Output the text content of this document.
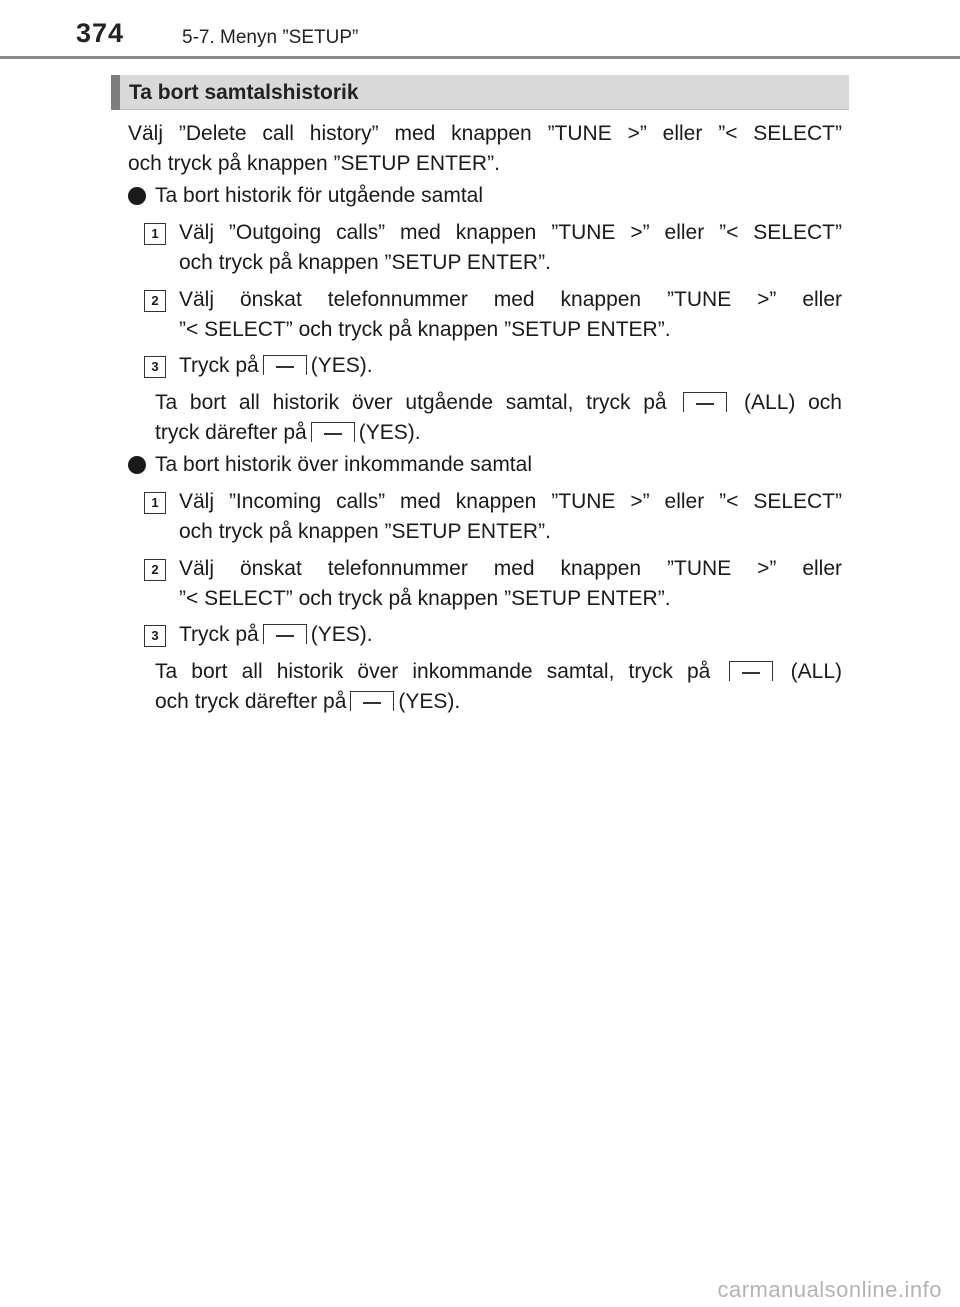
374	5-7. Menyn ”SETUP”
Ta bort samtalshistorik
Välj ”Delete call history” med knappen ”TUNE >” eller ”< SELECT”
och tryck på knappen ”SETUP ENTER”.
Ta bort historik för utgående samtal
1 Välj ”Outgoing calls” med knappen ”TUNE >” eller ”< SELECT”
och tryck på knappen ”SETUP ENTER”.
2 Välj önskat telefonnummer med knappen ”TUNE >” eller
”< SELECT” och tryck på knappen ”SETUP ENTER”.
3 Tryck på (YES).
Ta bort all historik över utgående samtal, tryck på	(ALL) och
tryck därefter på (YES).
Ta bort historik över inkommande samtal
1 Välj ”Incoming calls” med knappen ”TUNE >” eller ”< SELECT”
och tryck på knappen ”SETUP ENTER”.
2 Välj önskat telefonnummer med knappen ”TUNE >” eller
”< SELECT” och tryck på knappen ”SETUP ENTER”.
3 Tryck på (YES).
Ta bort all historik över inkommande samtal, tryck på	(ALL)
och tryck därefter på (YES).
carmanualsonline.info
